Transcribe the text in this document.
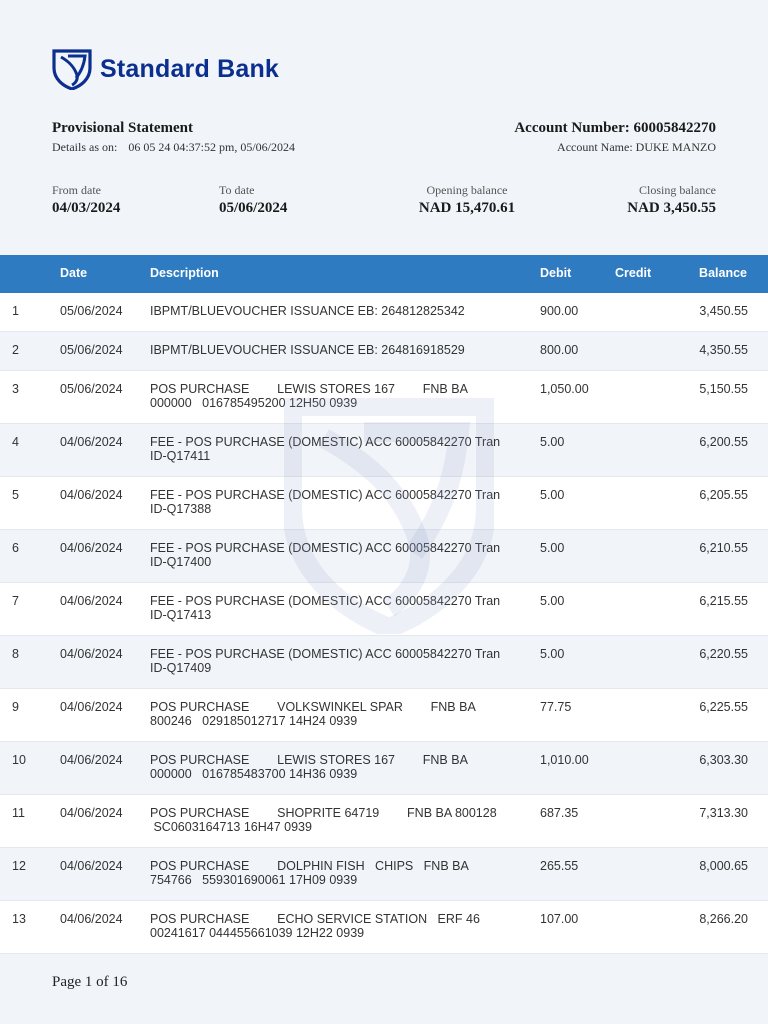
Standard Bank
Provisional Statement
Details as on: 06 05 24 04:37:52 pm, 05/06/2024
Account Number: 60005842270
Account Name: DUKE MANZO
From date
04/03/2024
To date
05/06/2024
Opening balance
NAD 15,470.61
Closing balance
NAD 3,450.55
Date	Description	Debit	Credit	Balance
1	05/06/2024 IBPMT/BLUEVOUCHER ISSUANCE EB: 264812825342	900.00	3,450.55
2	05/06/2024 IBPMT/BLUEVOUCHER ISSUANCE EB: 264816918529	800.00	4,350.55
3	05/06/2024 POS PURCHASE        LEWIS STORES 167        FNB BA
000000   016785495200 12H50 0939
1,050.00	5,150.55
4	04/06/2024 FEE - POS PURCHASE (DOMESTIC) ACC 60005842270 Tran
ID-Q17411
5.00	6,200.55
5	04/06/2024 FEE - POS PURCHASE (DOMESTIC) ACC 60005842270 Tran
ID-Q17388
5.00	6,205.55
6	04/06/2024 FEE - POS PURCHASE (DOMESTIC) ACC 60005842270 Tran
ID-Q17400
5.00	6,210.55
7	04/06/2024 FEE - POS PURCHASE (DOMESTIC) ACC 60005842270 Tran
ID-Q17413
5.00	6,215.55
8	04/06/2024 FEE - POS PURCHASE (DOMESTIC) ACC 60005842270 Tran
ID-Q17409
5.00	6,220.55
9	04/06/2024 POS PURCHASE        VOLKSWINKEL SPAR        FNB BA
800246   029185012717 14H24 0939
77.75	6,225.55
10	04/06/2024 POS PURCHASE        LEWIS STORES 167        FNB BA
000000   016785483700 14H36 0939
1,010.00	6,303.30
11	04/06/2024 POS PURCHASE        SHOPRITE 64719        FNB BA 800128
SC0603164713 16H47 0939
687.35	7,313.30
12	04/06/2024 POS PURCHASE        DOLPHIN FISH   CHIPS   FNB BA
754766   559301690061 17H09 0939
265.55	8,000.65
13	04/06/2024 POS PURCHASE        ECHO SERVICE STATION   ERF 46
00241617 044455661039 12H22 0939
107.00	8,266.20
Page 1 of 16
